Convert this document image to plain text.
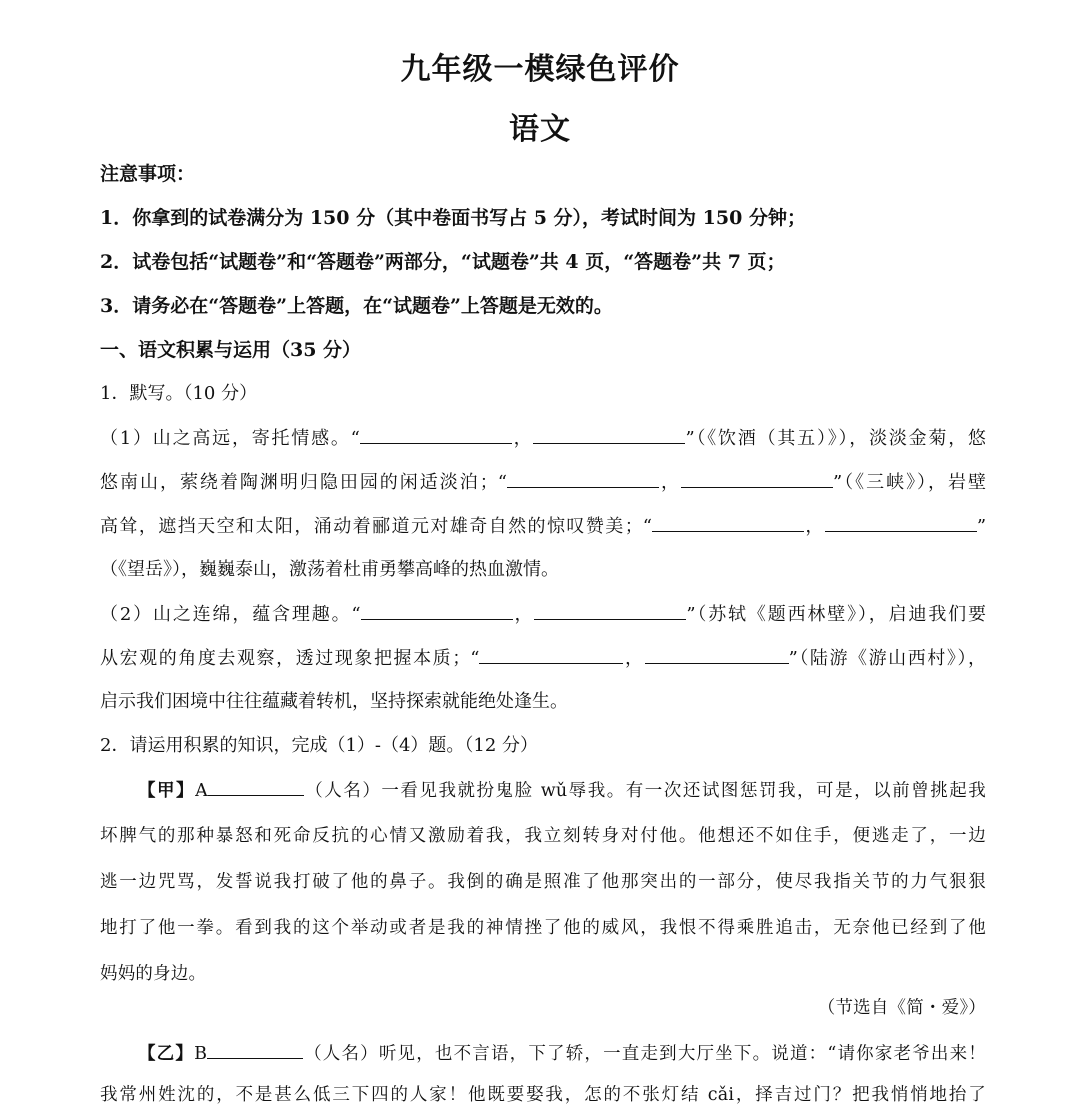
九年级一模绿色评价
语文
注意事项：
1．你拿到的试卷满分为 150 分（其中卷面书写占 5 分），考试时间为 150 分钟；
2．试卷包括“试题卷”和“答题卷”两部分，“试题卷”共 4 页，“答题卷”共 7 页；
3．请务必在“答题卷”上答题，在“试题卷”上答题是无效的。
一、语文积累与运用（35 分）
1．默写。（10 分）
（1）山之高远，寄托情感。“	，	”（《饮酒（其五）》），淡淡金菊，悠
悠南山，萦绕着陶渊明归隐田园的闲适淡泊；“	，	”（《三峡》），岩壁
高耸，遮挡天空和太阳，涌动着郦道元对雄奇自然的惊叹赞美；“	，	”
（《望岳》），巍巍泰山，激荡着杜甫勇攀高峰的热血激情。
（2）山之连绵，蕴含理趣。“	，	”（苏轼《题西林壁》），启迪我们要
从宏观的角度去观察，透过现象把握本质；“	，	”（陆游《游山西村》），
启示我们困境中往往蕴藏着转机，坚持探索就能绝处逢生。
2．请运用积累的知识，完成（1）-（4）题。（12 分）
【甲】A	（人名）一看见我就扮鬼脸 wǔ辱我。有一次还试图惩罚我，可是，以前曾挑起我
坏脾气的那种暴怒和死命反抗的心情又激励着我，我立刻转身对付他。他想还不如住手，便逃走了，一边
逃一边咒骂，发誓说我打破了他的鼻子。我倒的确是照准了他那突出的一部分，使尽我指关节的力气狠狠
地打了他一拳。看到我的这个举动或者是我的神情挫了他的威风，我恨不得乘胜追击，无奈他已经到了他
妈妈的身边。
（节选自《简・爱》）
【乙】B	（人名）听见，也不言语，下了轿，一直走到大厅坐下。说道：“请你家老爷出来！
我常州姓沈的，不是甚么低三下四的人家！他既要娶我，怎的不张灯结 cǎi，择吉过门？把我悄悄地抬了
